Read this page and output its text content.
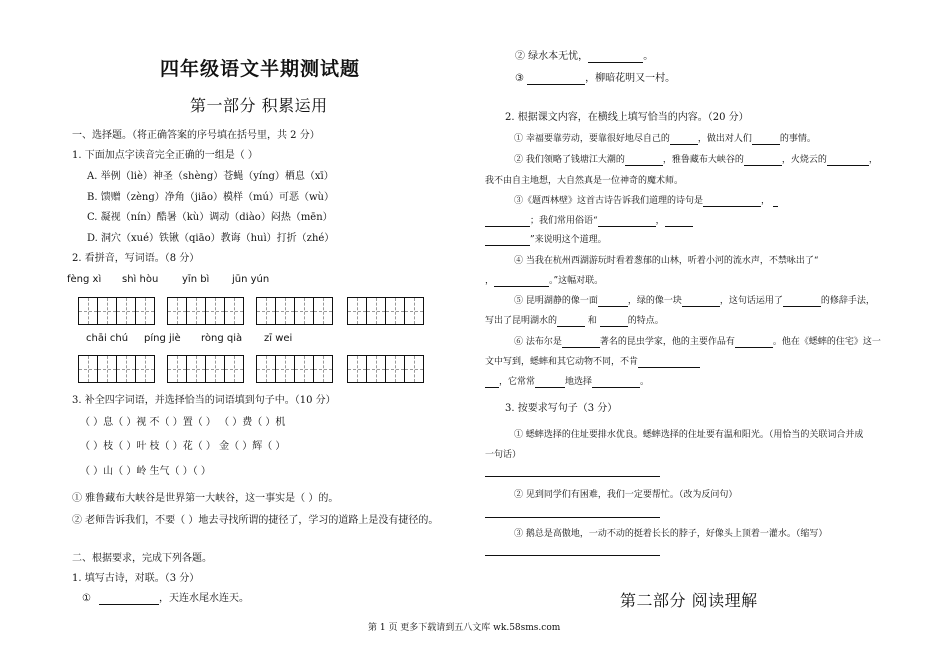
四年级语文半期测试题
第一部分 积累运用
一、选择题。（将正确答案的序号填在括号里，共 2 分）
1. 下面加点字读音完全正确的一组是（ ）
A. 举例（liè）神圣（shèng）苍蝇（yíng）栖息（xī）
B. 馈赠（zèng）净角（jiāo）模样（mú）可恶（wù）
C. 凝视（nín）酷暑（kù）调动（diào）闷热（mēn）
D. 洞穴（xué）铁锹（qiāo）教诲（huì）打折（zhé）
2. 看拼音，写词语。（8 分）
fèng xì shì hòu yīn bì jūn yún
chāi chú píng jiè ròng qià zī wei
3. 补全四字词语，并选择恰当的词语填到句子中。（10 分）
（ ）息（ ）视 不（ ）置（ ） （ ）费（ ）机
（ ）枝（ ）叶 枝（ ）花（ ） 金（ ）辉（ ）
（ ）山（ ）岭 生气（ ）（ ）
① 雅鲁藏布大峡谷是世界第一大峡谷，这一事实是（ ）的。
② 老师告诉我们，不要（ ）地去寻找所谓的捷径了，学习的道路上是没有捷径的。
二、根据要求，完成下列各题。
1. 填写古诗，对联。（3 分）
①	，天连水尾水连天。
② 绿水本无忧，	。
③	，柳暗花明又一村。
2. 根据课文内容，在横线上填写恰当的内容。（20 分）
① 幸福要靠劳动，要靠很好地尽自己的	，做出对人们	的事情。
② 我们领略了钱塘江大潮的	，雅鲁藏布大峡谷的	，火烧云的	，
我不由自主地想，大自然真是一位神奇的魔术师。
③《题西林壁》这首古诗告诉我们道理的诗句是	，
；我们常用俗语“	，
”来说明这个道理。
④ 当我在杭州西湖游玩时看着葱郁的山林，听着小河的流水声，不禁咏出了“
，	。”这幅对联。
⑤ 昆明湖静的像一面	，绿的像一块	，这句话运用了	的修辞手法，
写出了昆明湖水的	和	的特点。
⑥ 法布尔是	著名的昆虫学家，他的主要作品有	。他在《蟋蟀的住宅》这一
文中写到，蟋蟀和其它动物不同，不肯
，它常常	地选择	。
3. 按要求写句子（3 分）
① 蟋蟀选择的住址要排水优良。蟋蟀选择的住址要有温和阳光。（用恰当的关联词合并成
一句话）
② 见到同学们有困难，我们一定要帮忙。（改为反问句）
③ 鹅总是高傲地，一动不动的挺着长长的脖子，好像头上顶着一灌水。（缩写）
第二部分 阅读理解
第 1 页 更多下载请到五八文库 wk.58sms.com
